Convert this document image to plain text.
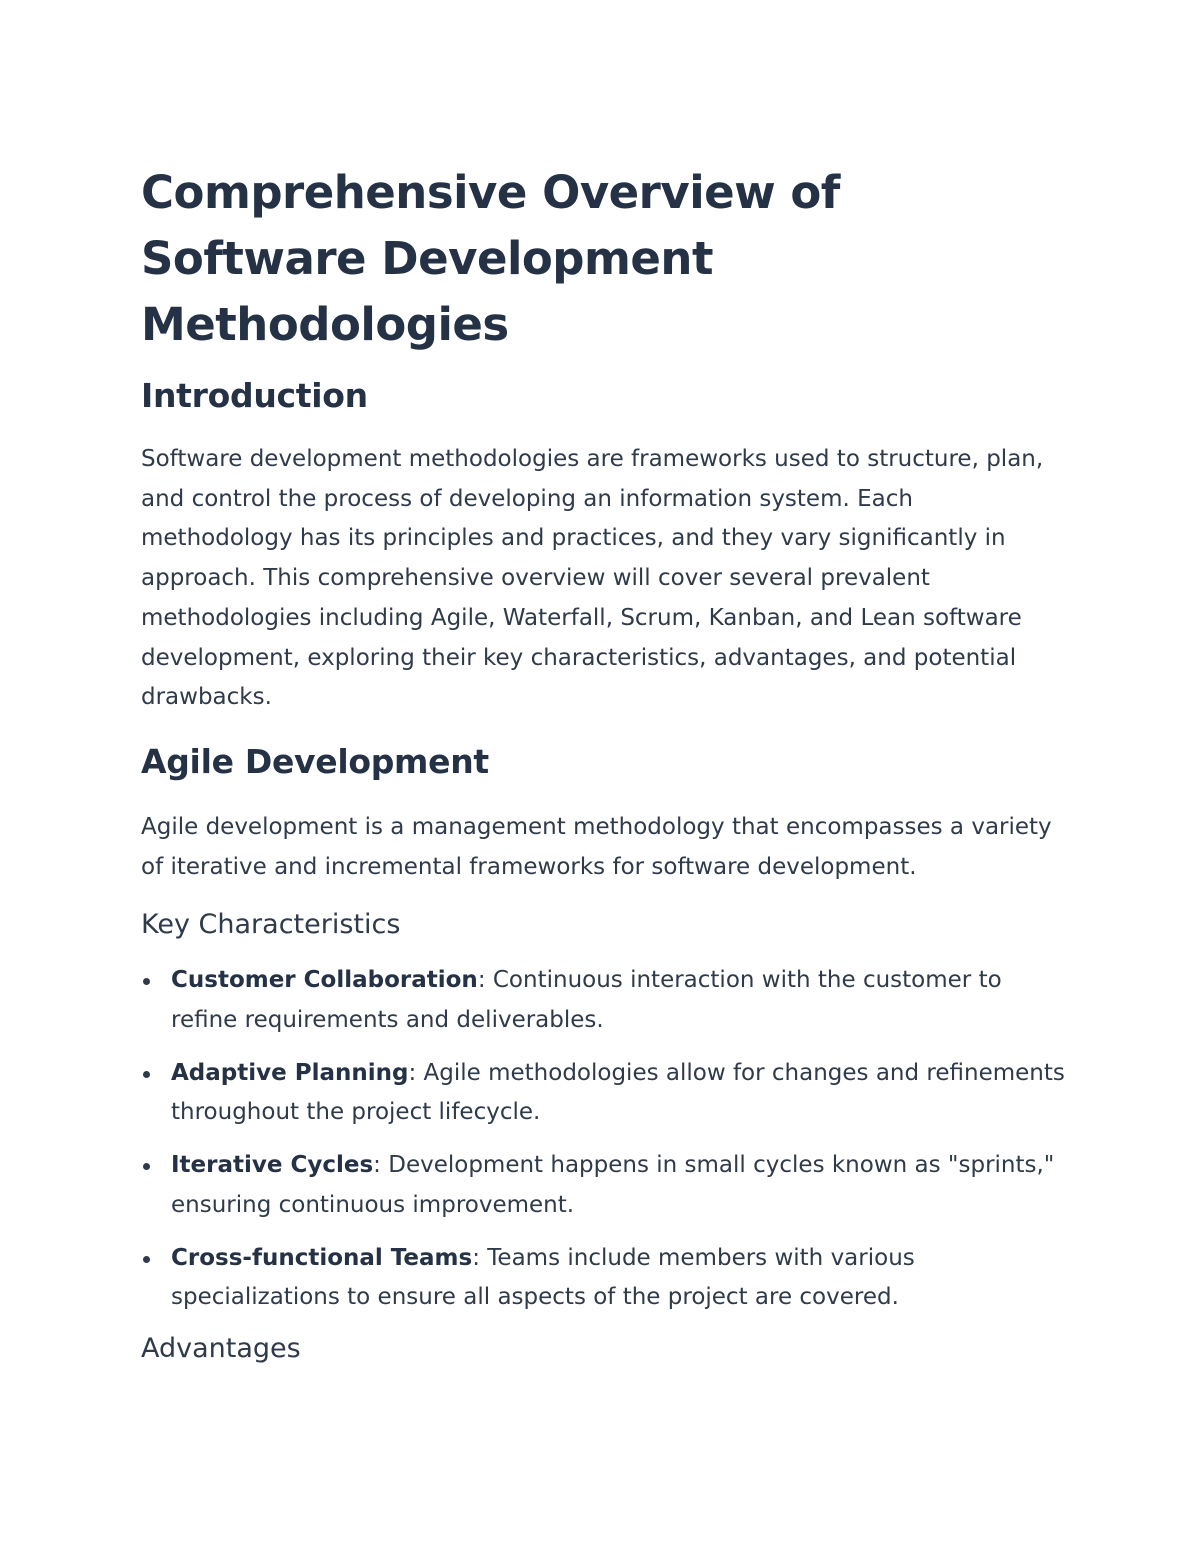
Comprehensive Overview of Software Development Methodologies
Introduction

Software development methodologies are frameworks used to structure, plan, and control the process of developing an information system. Each methodology has its principles and practices, and they vary significantly in approach. This comprehensive overview will cover several prevalent methodologies including Agile, Waterfall, Scrum, Kanban, and Lean software development, exploring their key characteristics, advantages, and potential drawbacks.

Agile Development

Agile development is a management methodology that encompasses a variety of iterative and incremental frameworks for software development.

Key Characteristics
Customer Collaboration: Continuous interaction with the customer to refine requirements and deliverables.
Adaptive Planning: Agile methodologies allow for changes and refinements throughout the project lifecycle.
Iterative Cycles: Development happens in small cycles known as "sprints," ensuring continuous improvement.
Cross-functional Teams: Teams include members with various specializations to ensure all aspects of the project are covered.
Advantages
